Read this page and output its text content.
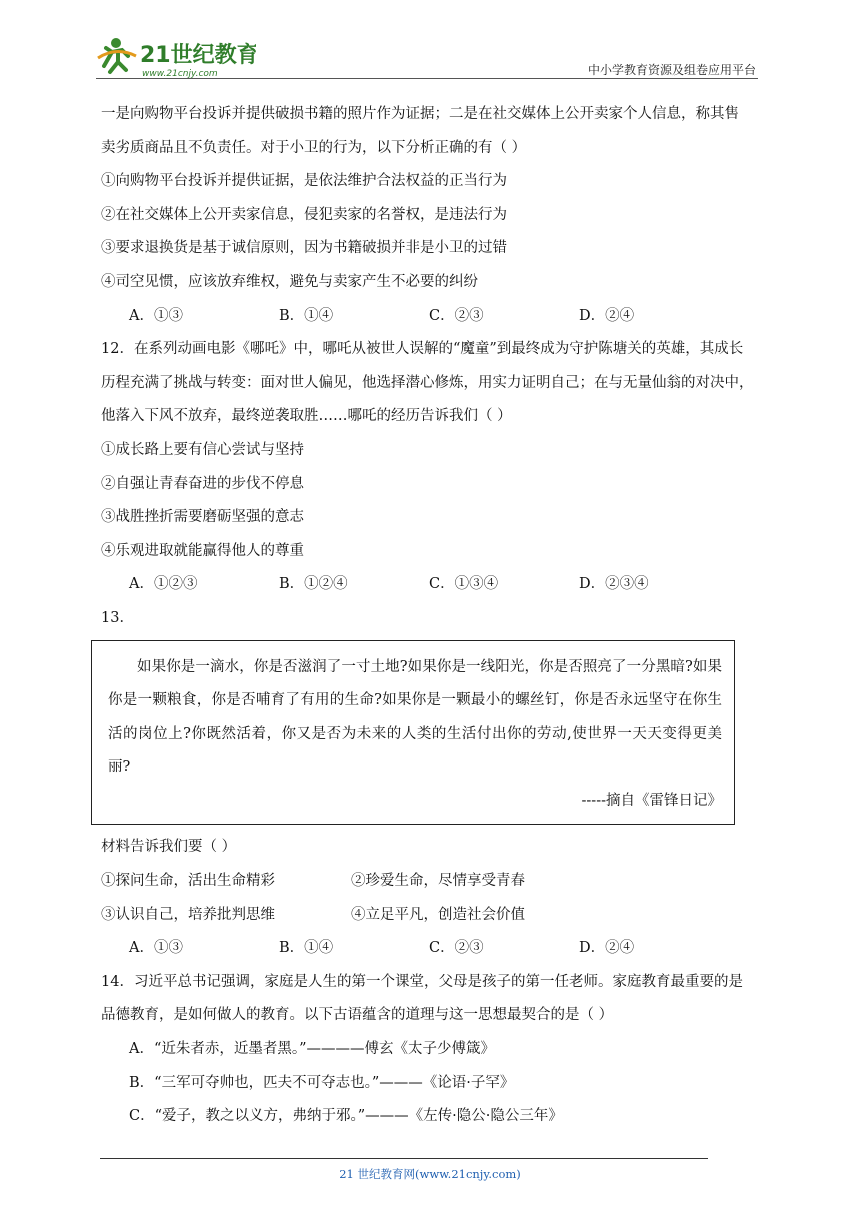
21世纪教育
www.21cnjy.com	中小学教育资源及组卷应用平台
一是向购物平台投诉并提供破损书籍的照片作为证据；二是在社交媒体上公开卖家个人信息，称其售
卖劣质商品且不负责任。对于小卫的行为，以下分析正确的有（ ）
①向购物平台投诉并提供证据，是依法维护合法权益的正当行为
②在社交媒体上公开卖家信息，侵犯卖家的名誉权，是违法行为
③要求退换货是基于诚信原则，因为书籍破损并非是小卫的过错
④司空见惯，应该放弃维权，避免与卖家产生不必要的纠纷
A．①③	B．①④	C．②③	D．②④
12．在系列动画电影《哪吒》中，哪吒从被世人误解的“魔童”到最终成为守护陈塘关的英雄，其成长
历程充满了挑战与转变：面对世人偏见，他选择潜心修炼，用实力证明自己；在与无量仙翁的对决中，
他落入下风不放弃，最终逆袭取胜……哪吒的经历告诉我们（ ）
①成长路上要有信心尝试与坚持
②自强让青春奋进的步伐不停息
③战胜挫折需要磨砺坚强的意志
④乐观进取就能赢得他人的尊重
A．①②③	B．①②④	C．①③④	D．②③④
13．
如果你是一滴水，你是否滋润了一寸土地?如果你是一线阳光，你是否照亮了一分黑暗?如果你是一颗粮食，你是否哺育了有用的生命?如果你是一颗最小的螺丝钉，你是否永远坚守在你生活的岗位上?你既然活着，你又是否为未来的人类的生活付出你的劳动,使世界一天天变得更美丽?
-----摘自《雷锋日记》
材料告诉我们要（ ）
①探问生命，活出生命精彩	②珍爱生命，尽情享受青春
③认识自己，培养批判思维	④立足平凡，创造社会价值
A．①③	B．①④	C．②③	D．②④
14．习近平总书记强调，家庭是人生的第一个课堂，父母是孩子的第一任老师。家庭教育最重要的是
品德教育，是如何做人的教育。以下古语蕴含的道理与这一思想最契合的是（ ）
A．“近朱者赤，近墨者黑。”————傅玄《太子少傅箴》
B．“三军可夺帅也，匹夫不可夺志也。”———《论语·子罕》
C．“爱子，教之以义方，弗纳于邪。”———《左传·隐公·隐公三年》
21 世纪教育网(www.21cnjy.com)
